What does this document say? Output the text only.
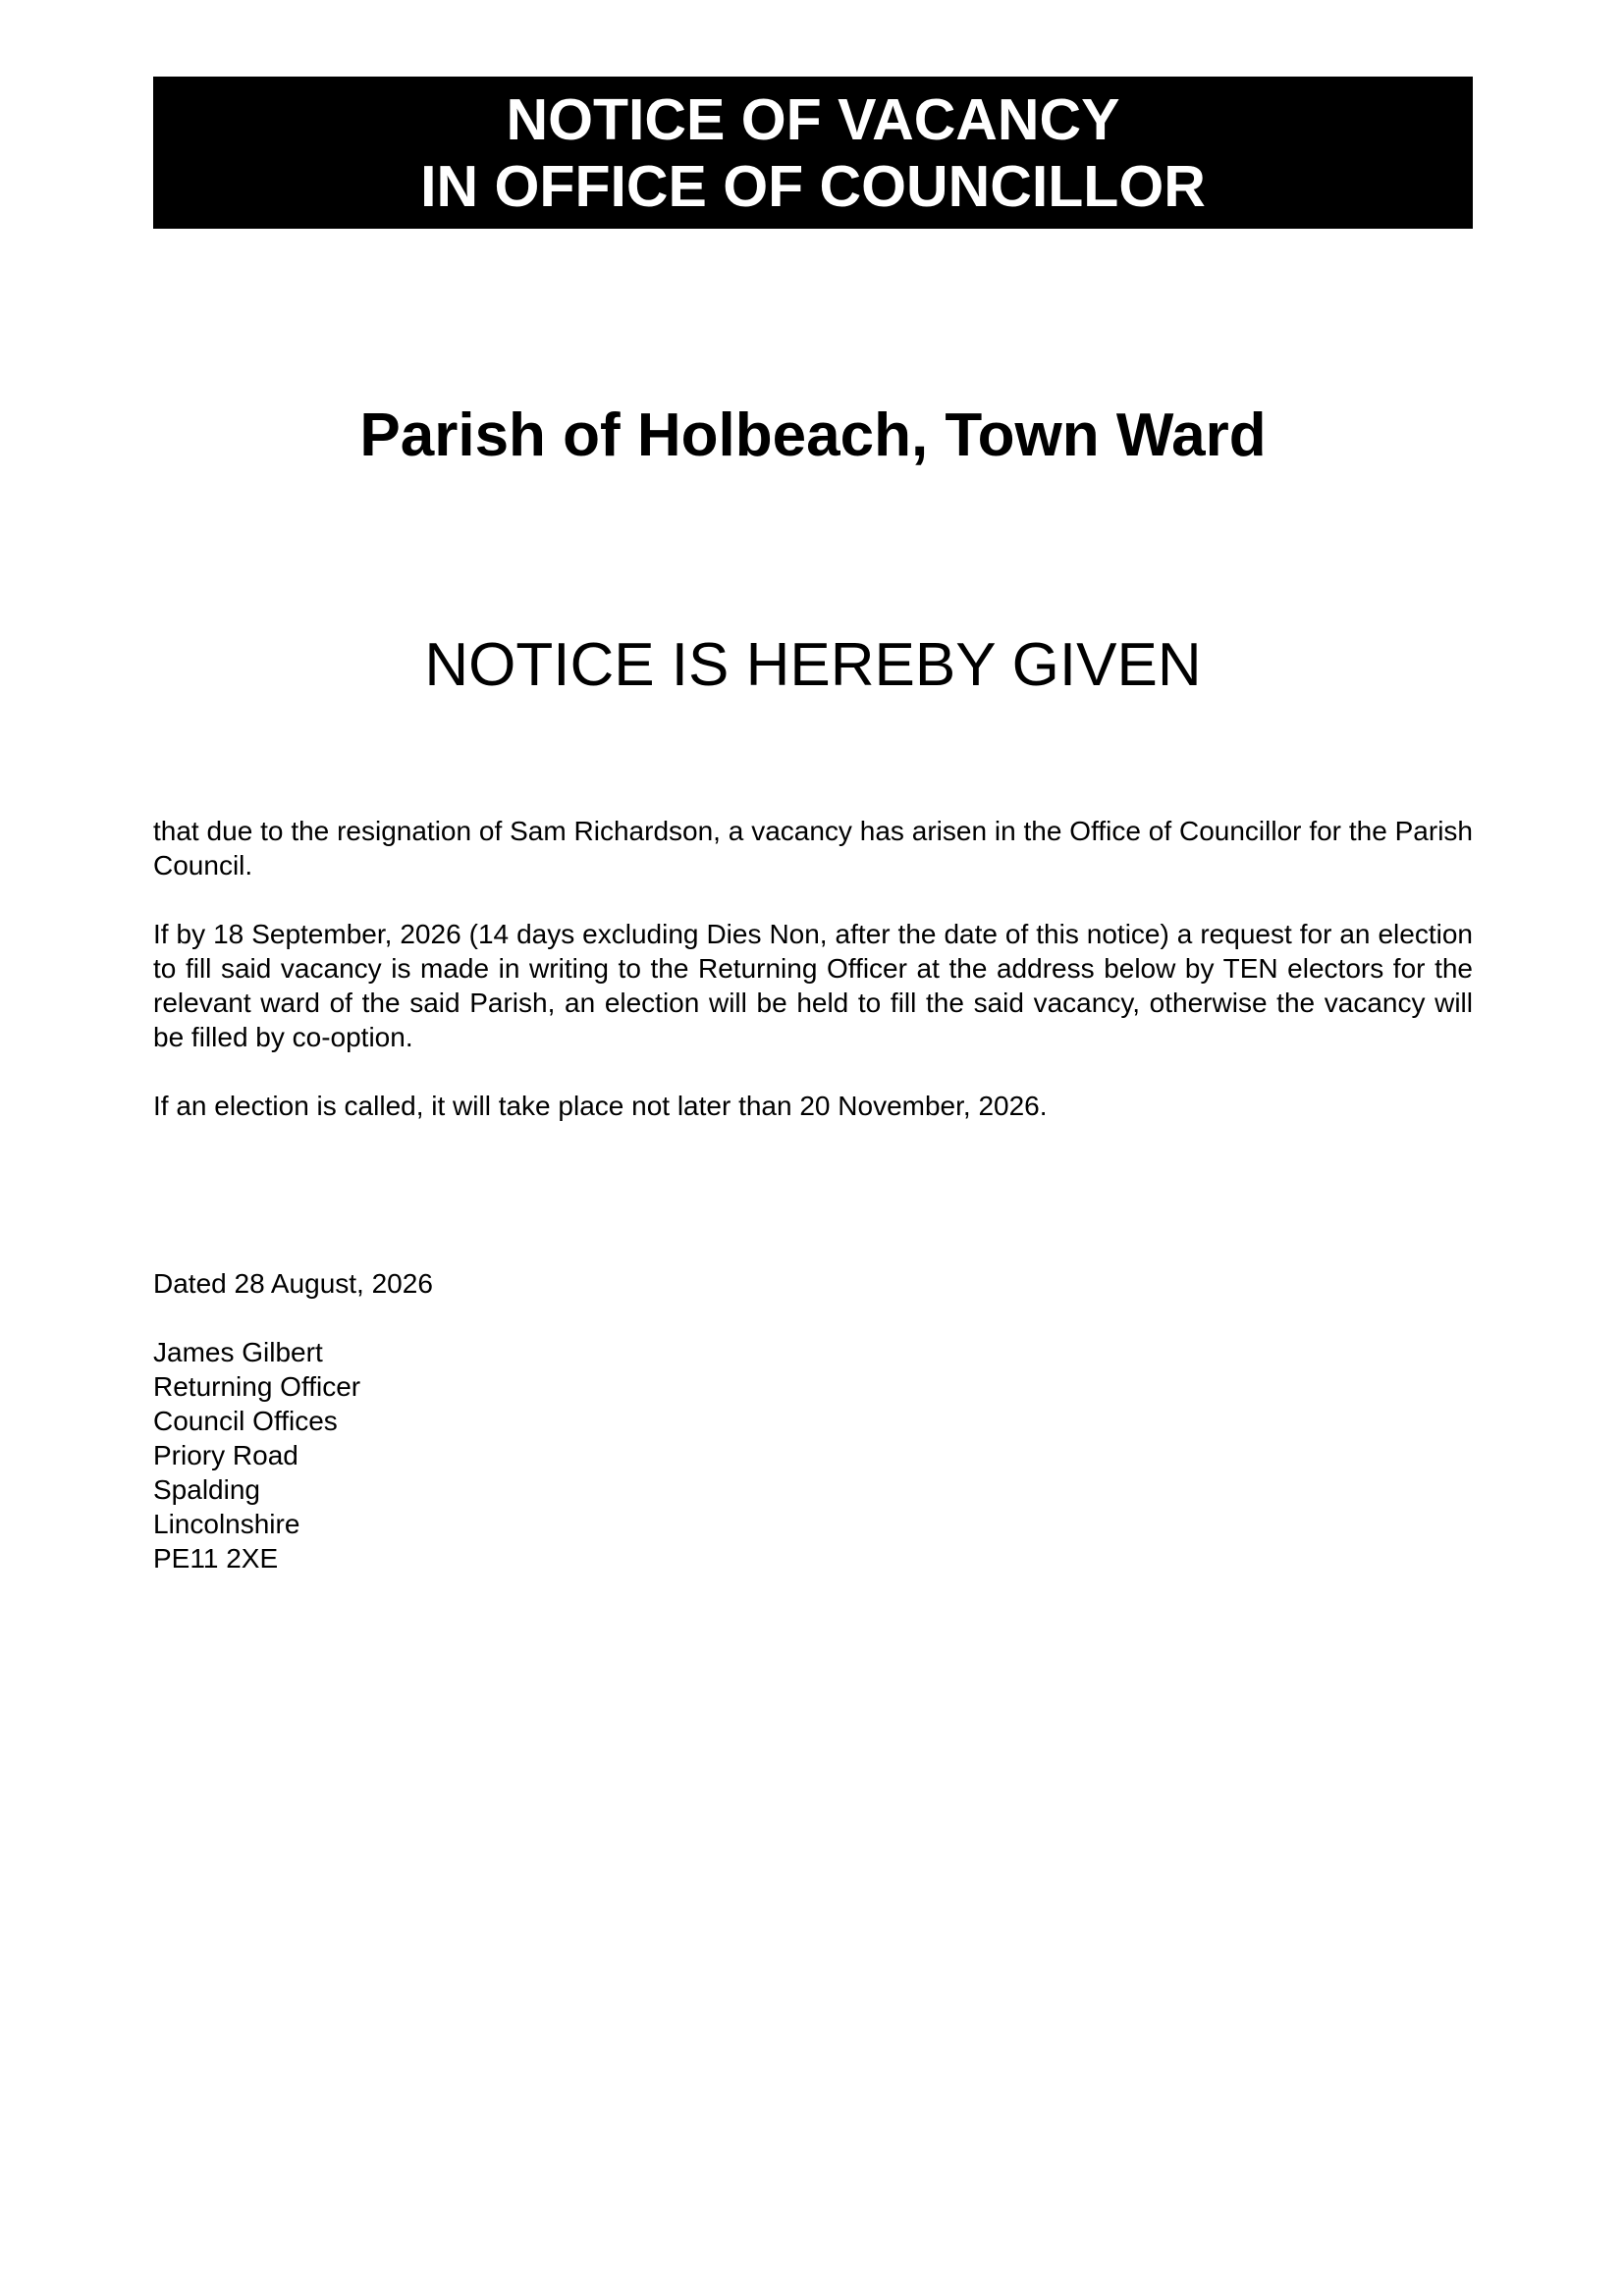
NOTICE OF VACANCY
IN OFFICE OF COUNCILLOR
Parish of Holbeach, Town Ward
NOTICE IS HEREBY GIVEN

that due to the resignation of Sam Richardson, a vacancy has arisen in the Office of Councillor for the Parish Council.

If by 18 September, 2026 (14 days excluding Dies Non, after the date of this notice) a request for an election to fill said vacancy is made in writing to the Returning Officer at the address below by TEN electors for the relevant ward of the said Parish, an election will be held to fill the said vacancy, otherwise the vacancy will be filled by co-option.

If an election is called, it will take place not later than 20 November, 2026.

Dated 28 August, 2026

James Gilbert
Returning Officer
Council Offices
Priory Road
Spalding
Lincolnshire
PE11 2XE
